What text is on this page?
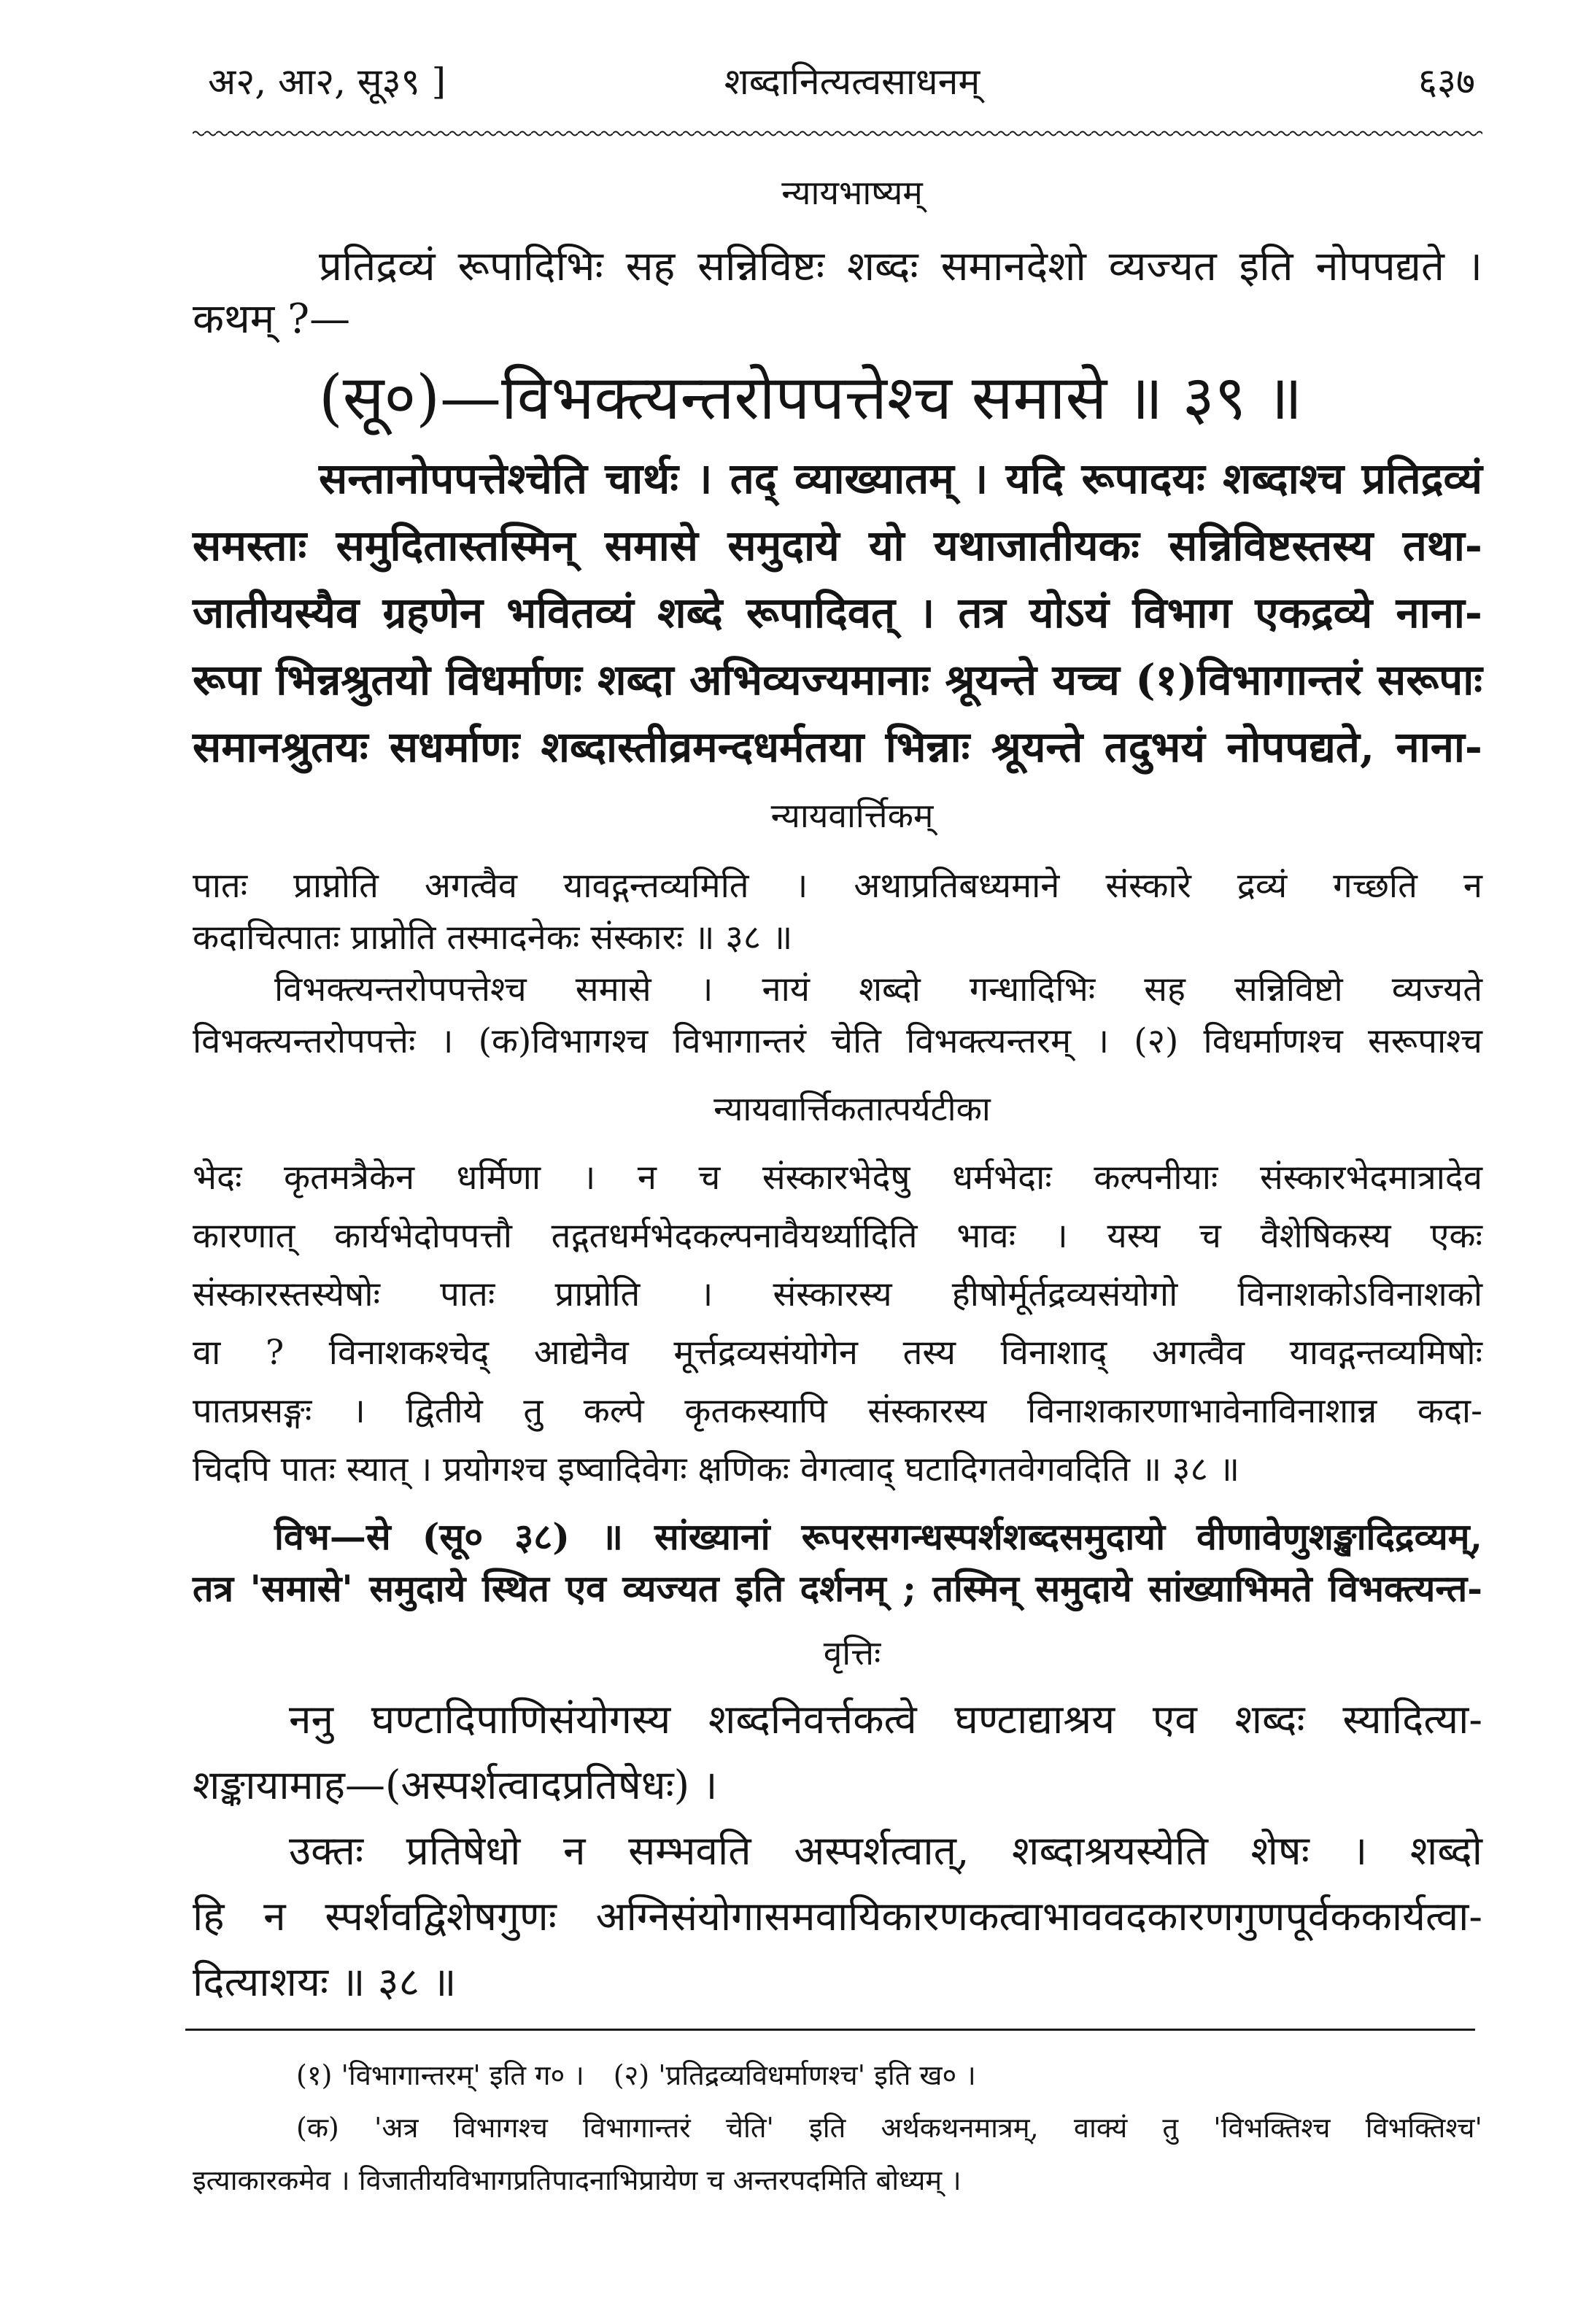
अ२, आ२, सू३९ ]	शब्दानित्यत्वसाधनम्	६३७
न्यायभाष्यम्
प्रतिद्रव्यं रूपादिभिः सह सन्निविष्टः शब्दः समानदेशो व्यज्यत इति नोपपद्यते ।
कथम् ?—
(सू०)—विभक्त्यन्तरोपपत्तेश्च समासे ॥ ३९ ॥
सन्तानोपपत्तेश्चेति चार्थः । तद् व्याख्यातम् । यदि रूपादयः शब्दाश्च प्रतिद्रव्यं
समस्ताः समुदितास्तस्मिन् समासे समुदाये यो यथाजातीयकः सन्निविष्टस्तस्य तथा-
जातीयस्यैव ग्रहणेन भवितव्यं शब्दे रूपादिवत् । तत्र योऽयं विभाग एकद्रव्ये नाना-
रूपा भिन्नश्रुतयो विधर्माणः शब्दा अभिव्यज्यमानाः श्रूयन्ते यच्च (१)विभागान्तरं सरूपाः
समानश्रुतयः सधर्माणः शब्दास्तीव्रमन्दधर्मतया भिन्नाः श्रूयन्ते तदुभयं नोपपद्यते, नाना-
न्यायवार्त्तिकम्
पातः प्राप्नोति अगत्वैव यावद्गन्तव्यमिति । अथाप्रतिबध्यमाने संस्कारे द्रव्यं गच्छति न
कदाचित्पातः प्राप्नोति तस्मादनेकः संस्कारः ॥ ३८ ॥
विभक्त्यन्तरोपपत्तेश्च समासे । नायं शब्दो गन्धादिभिः सह सन्निविष्टो व्यज्यते
विभक्त्यन्तरोपपत्तेः । (क)विभागश्च विभागान्तरं चेति विभक्त्यन्तरम् । (२) विधर्माणश्च सरूपाश्च
न्यायवार्त्तिकतात्पर्यटीका
भेदः कृतमत्रैकेन धर्मिणा । न च संस्कारभेदेषु धर्मभेदाः कल्पनीयाः संस्कारभेदमात्रादेव
कारणात् कार्यभेदोपपत्तौ तद्गतधर्मभेदकल्पनावैयर्थ्यादिति भावः । यस्य च वैशेषिकस्य एकः
संस्कारस्तस्येषोः पातः प्राप्नोति । संस्कारस्य हीषोर्मूर्तद्रव्यसंयोगो विनाशकोऽविनाशको
वा ? विनाशकश्चेद् आद्येनैव मूर्त्तद्रव्यसंयोगेन तस्य विनाशाद् अगत्वैव यावद्गन्तव्यमिषोः
पातप्रसङ्गः । द्वितीये तु कल्पे कृतकस्यापि संस्कारस्य विनाशकारणाभावेनाविनाशान्न कदा-
चिदपि पातः स्यात् । प्रयोगश्च इष्वादिवेगः क्षणिकः वेगत्वाद् घटादिगतवेगवदिति ॥ ३८ ॥
विभ—से (सू० ३८) ॥ सांख्यानां रूपरसगन्धस्पर्शशब्दसमुदायो वीणावेणुशङ्खादिद्रव्यम्,
तत्र 'समासे' समुदाये स्थित एव व्यज्यत इति दर्शनम् ; तस्मिन् समुदाये सांख्याभिमते विभक्त्यन्त-
वृत्तिः
ननु घण्टादिपाणिसंयोगस्य शब्दनिवर्त्तकत्वे घण्टाद्याश्रय एव शब्दः स्यादित्या-
शङ्कायामाह—(अस्पर्शत्वादप्रतिषेधः) ।
उक्तः प्रतिषेधो न सम्भवति अस्पर्शत्वात्, शब्दाश्रयस्येति शेषः । शब्दो
हि न स्पर्शवद्विशेषगुणः अग्निसंयोगासमवायिकारणकत्वाभाववदकारणगुणपूर्वककार्यत्वा-
दित्याशयः ॥ ३८ ॥
(१) 'विभागान्तरम्' इति ग० । (२) 'प्रतिद्रव्यविधर्माणश्च' इति ख० ।
(क) 'अत्र विभागश्च विभागान्तरं चेति' इति अर्थकथनमात्रम्, वाक्यं तु 'विभक्तिश्च विभक्तिश्च'
इत्याकारकमेव । विजातीयविभागप्रतिपादनाभिप्रायेण च अन्तरपदमिति बोध्यम् ।
